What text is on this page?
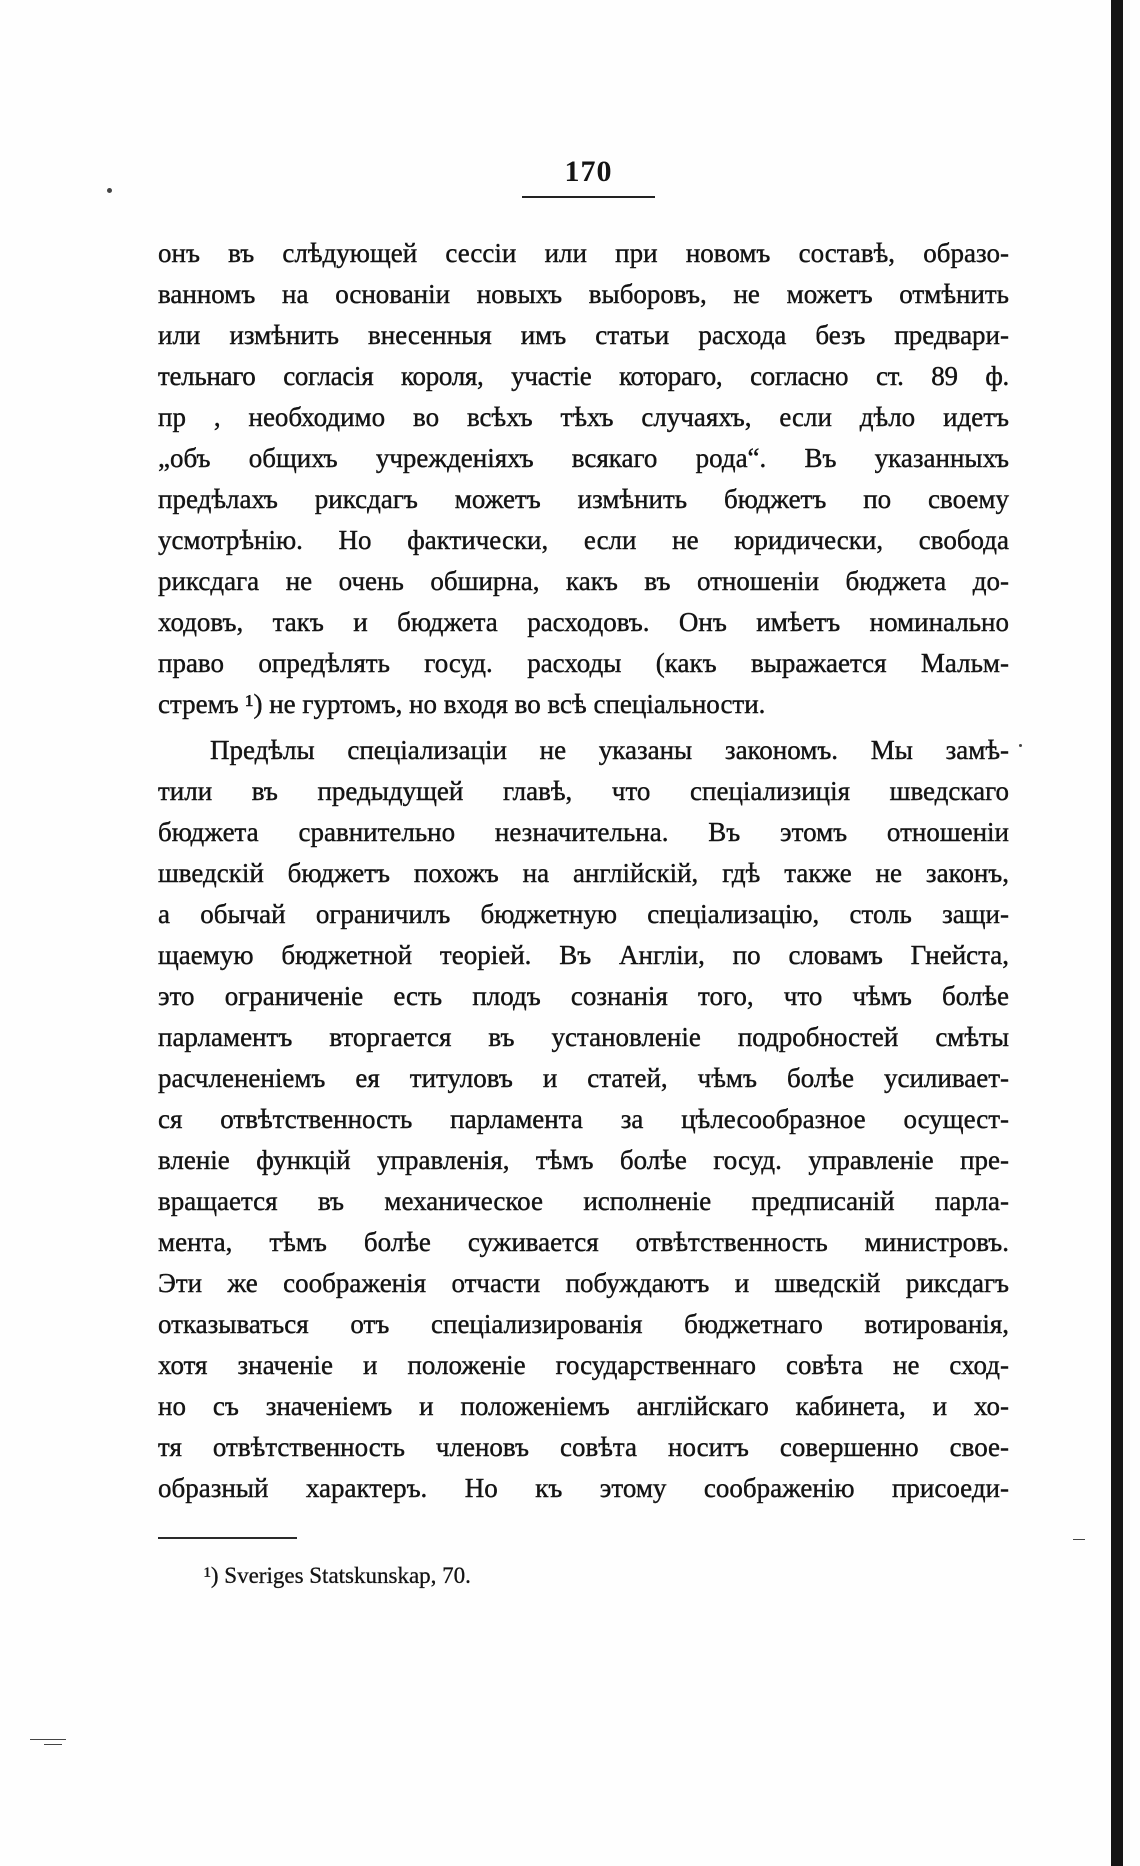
170
онъ въ слѣдующей сессіи или при новомъ составѣ, образо-
ванномъ на основаніи новыхъ выборовъ, не можетъ отмѣнить
или измѣнить внесенныя имъ статьи расхода безъ предвари-
тельнаго согласія короля, участіе котораго, согласно ст. 89 ф.
пр , необходимо во всѣхъ тѣхъ случаяхъ, если дѣло идетъ
„объ общихъ учрежденіяхъ всякаго рода“. Въ указанныхъ
предѣлахъ риксдагъ можетъ измѣнить бюджетъ по своему
усмотрѣнію. Но фактически, если не юридически, свобода
риксдага не очень обширна, какъ въ отношеніи бюджета до-
ходовъ, такъ и бюджета расходовъ. Онъ имѣетъ номинально
право опредѣлять госуд. расходы (какъ выражается Мальм-
стремъ ¹) не гуртомъ, но входя во всѣ спеціальности.
Предѣлы спеціализаціи не указаны закономъ. Мы замѣ-
тили въ предыдущей главѣ, что спеціализиція шведскаго
бюджета сравнительно незначительна. Въ этомъ отношеніи
шведскій бюджетъ похожъ на англійскій, гдѣ также не законъ,
а обычай ограничилъ бюджетную спеціализацію, столь защи-
щаемую бюджетной теоріей. Въ Англіи, по словамъ Гнейста,
это ограниченіе есть плодъ сознанія того, что чѣмъ болѣе
парламентъ вторгается въ установленіе подробностей смѣты
расчлененіемъ ея титуловъ и статей, чѣмъ болѣе усиливает-
ся отвѣтственность парламента за цѣлесообразное осущест-
вленіе функцій управленія, тѣмъ болѣе госуд. управленіе пре-
вращается въ механическое исполненіе предписаній парла-
мента, тѣмъ болѣе суживается отвѣтственность министровъ.
Эти же соображенія отчасти побуждаютъ и шведскій риксдагъ
отказываться отъ спеціализированія бюджетнаго вотированія,
хотя значеніе и положеніе государственнаго совѣта не сход-
но съ значеніемъ и положеніемъ англійскаго кабинета, и хо-
тя отвѣтственность членовъ совѣта носитъ совершенно свое-
образный характеръ. Но къ этому соображенію присоеди-
¹) Sveriges Statskunskap, 70.
